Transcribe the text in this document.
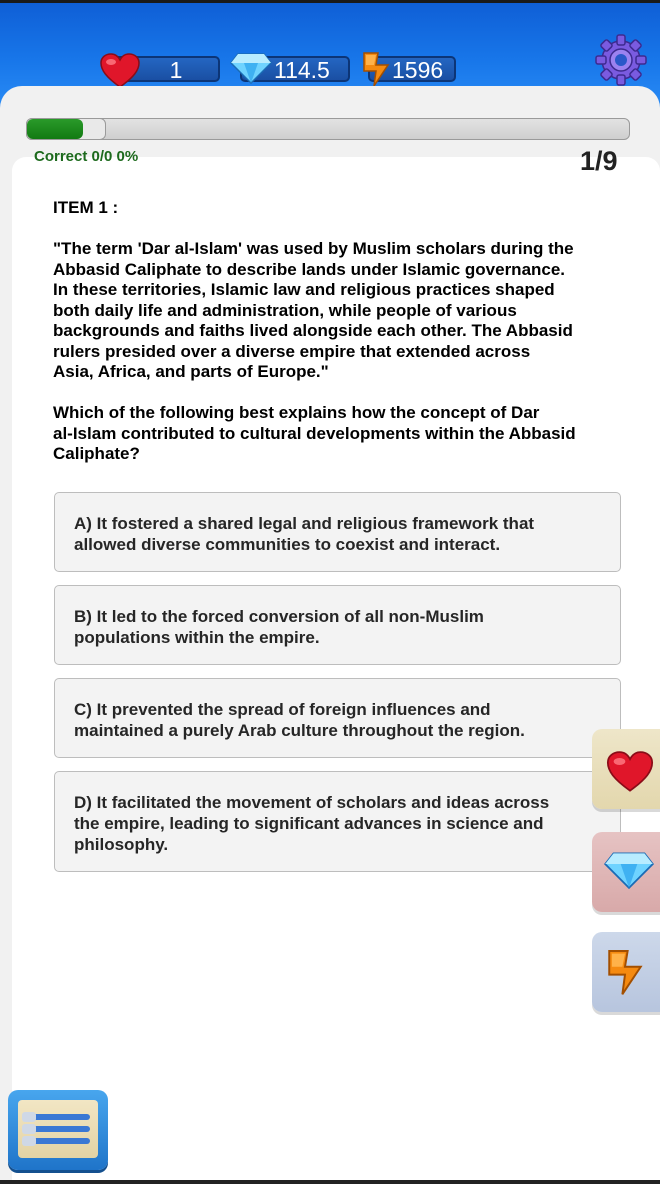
1	114.5	1596
Correct 0/0 0%	1/9
ITEM 1 :
"The term 'Dar al-Islam' was used by Muslim scholars during the
Abbasid Caliphate to describe lands under Islamic governance.
In these territories, Islamic law and religious practices shaped
both daily life and administration, while people of various
backgrounds and faiths lived alongside each other. The Abbasid
rulers presided over a diverse empire that extended across
Asia, Africa, and parts of Europe."
Which of the following best explains how the concept of Dar
al-Islam contributed to cultural developments within the Abbasid
Caliphate?
A) It fostered a shared legal and religious framework that
allowed diverse communities to coexist and interact.
B) It led to the forced conversion of all non-Muslim
populations within the empire.
C) It prevented the spread of foreign influences and
maintained a purely Arab culture throughout the region.
D) It facilitated the movement of scholars and ideas across
the empire, leading to significant advances in science and
philosophy.
